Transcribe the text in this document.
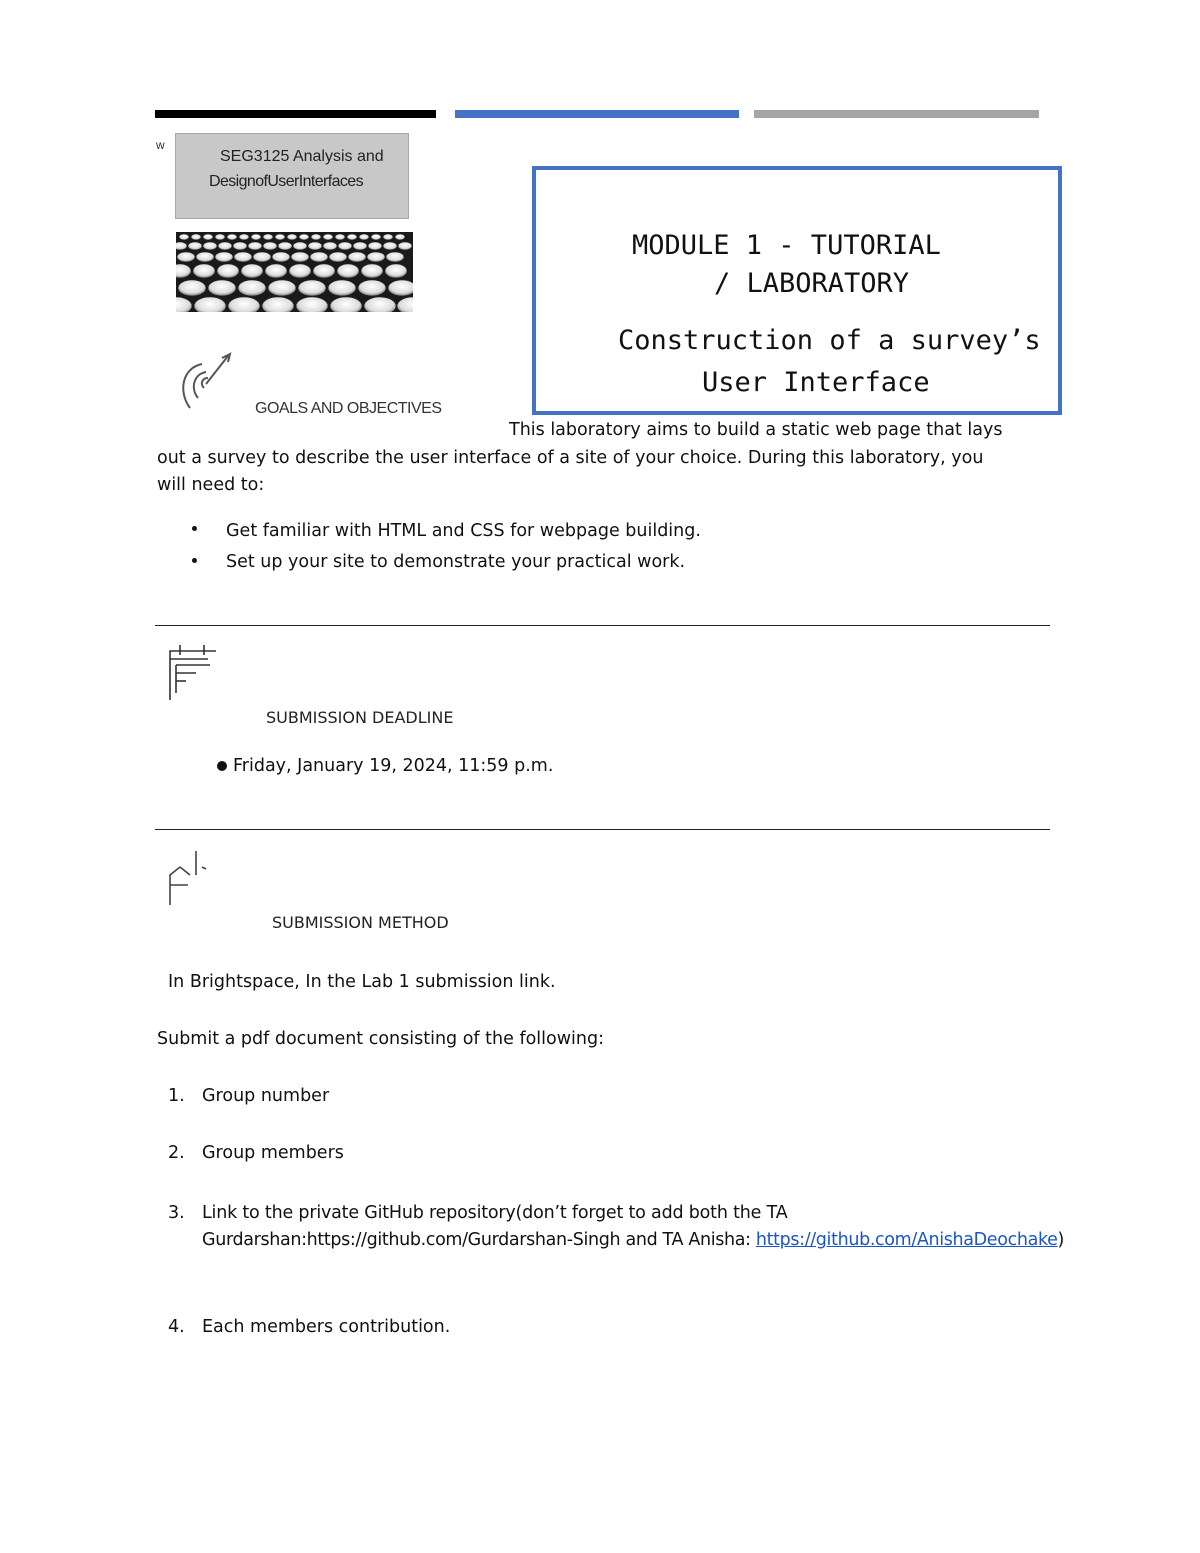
w
SEG3125 Analysis and
DesignofUserInterfaces
MODULE 1 - TUTORIAL
/ LABORATORY
Construction of a survey’s
User Interface
GOALS AND OBJECTIVES
This laboratory aims to build a static web page that lays
out a survey to describe the user interface of a site of your choice. During this laboratory, you
will need to:
Get familiar with HTML and CSS for webpage building.
Set up your site to demonstrate your practical work.
SUBMISSION DEADLINE
Friday, January 19, 2024, 11:59 p.m.
SUBMISSION METHOD
In Brightspace, In the Lab 1 submission link.
Submit a pdf document consisting of the following:
1. Group number
2. Group members
3. Link to the private GitHub repository(don’t forget to add both the TA
Gurdarshan:https://github.com/Gurdarshan-Singh and TA Anisha: https://github.com/AnishaDeochake)
4. Each members contribution.
